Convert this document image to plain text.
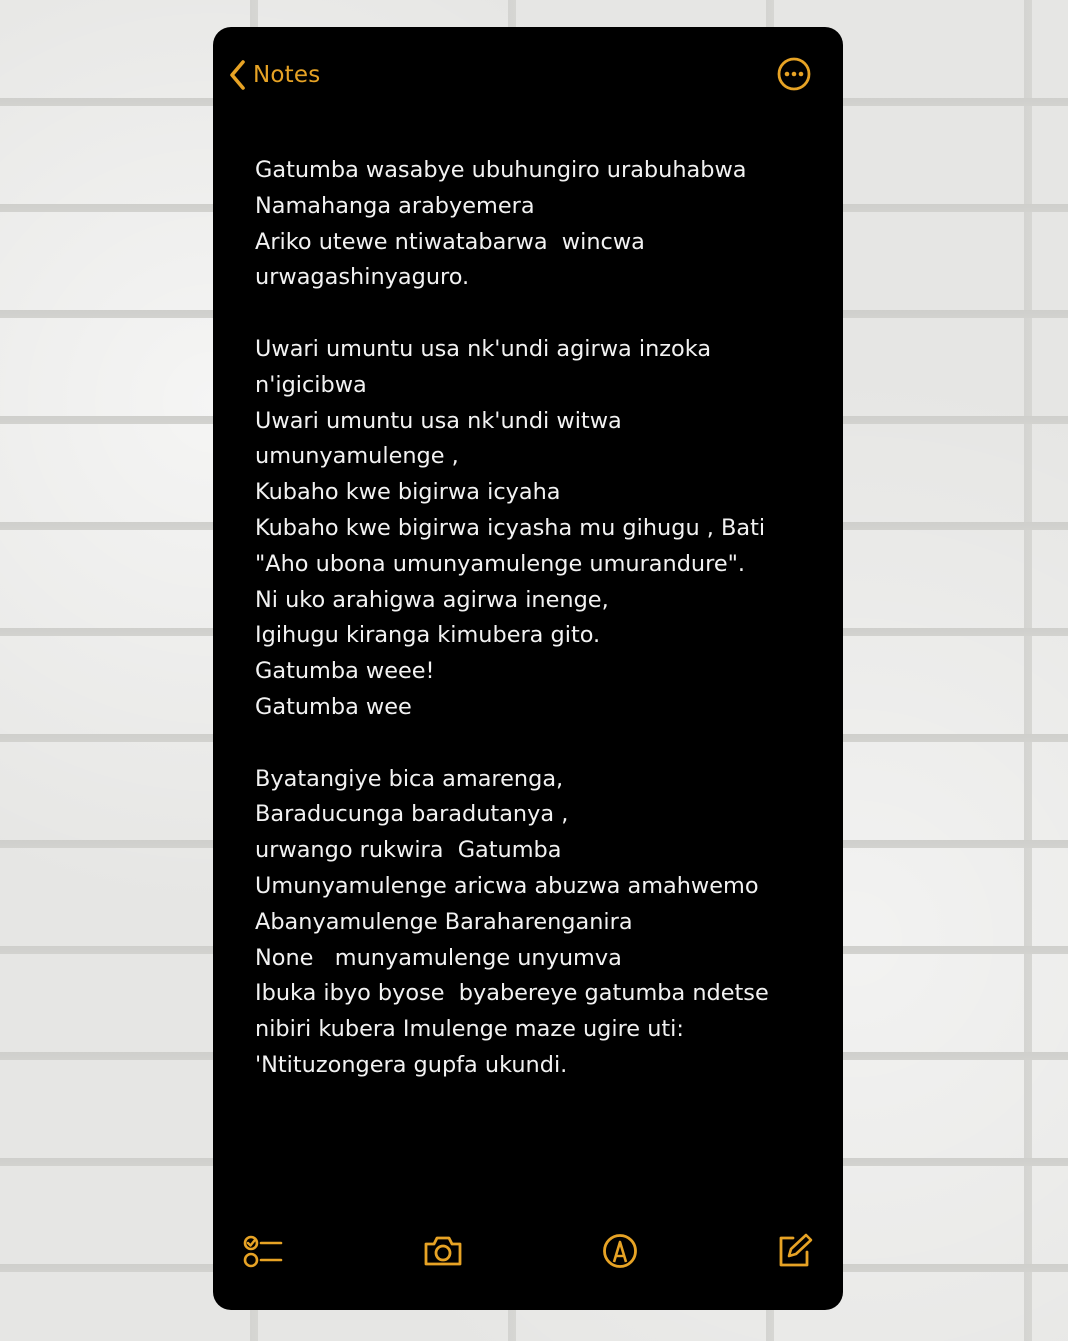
Notes
Gatumba wasabye ubuhungiro urabuhabwa
Namahanga arabyemera
Ariko utewe ntiwatabarwa  wincwa
urwagashinyaguro.
Uwari umuntu usa nk'undi agirwa inzoka
n'igicibwa
Uwari umuntu usa nk'undi witwa
umunyamulenge ,
Kubaho kwe bigirwa icyaha
Kubaho kwe bigirwa icyasha mu gihugu , Bati
"Aho ubona umunyamulenge umurandure".
Ni uko arahigwa agirwa inenge,
Igihugu kiranga kimubera gito.
Gatumba weee!
Gatumba wee
Byatangiye bica amarenga,
Baraducunga baradutanya ,
urwango rukwira  Gatumba
Umunyamulenge aricwa abuzwa amahwemo
Abanyamulenge Baraharenganira
None   munyamulenge unyumva
Ibuka ibyo byose  byabereye gatumba ndetse
nibiri kubera Imulenge maze ugire uti:
'Ntituzongera gupfa ukundi.
